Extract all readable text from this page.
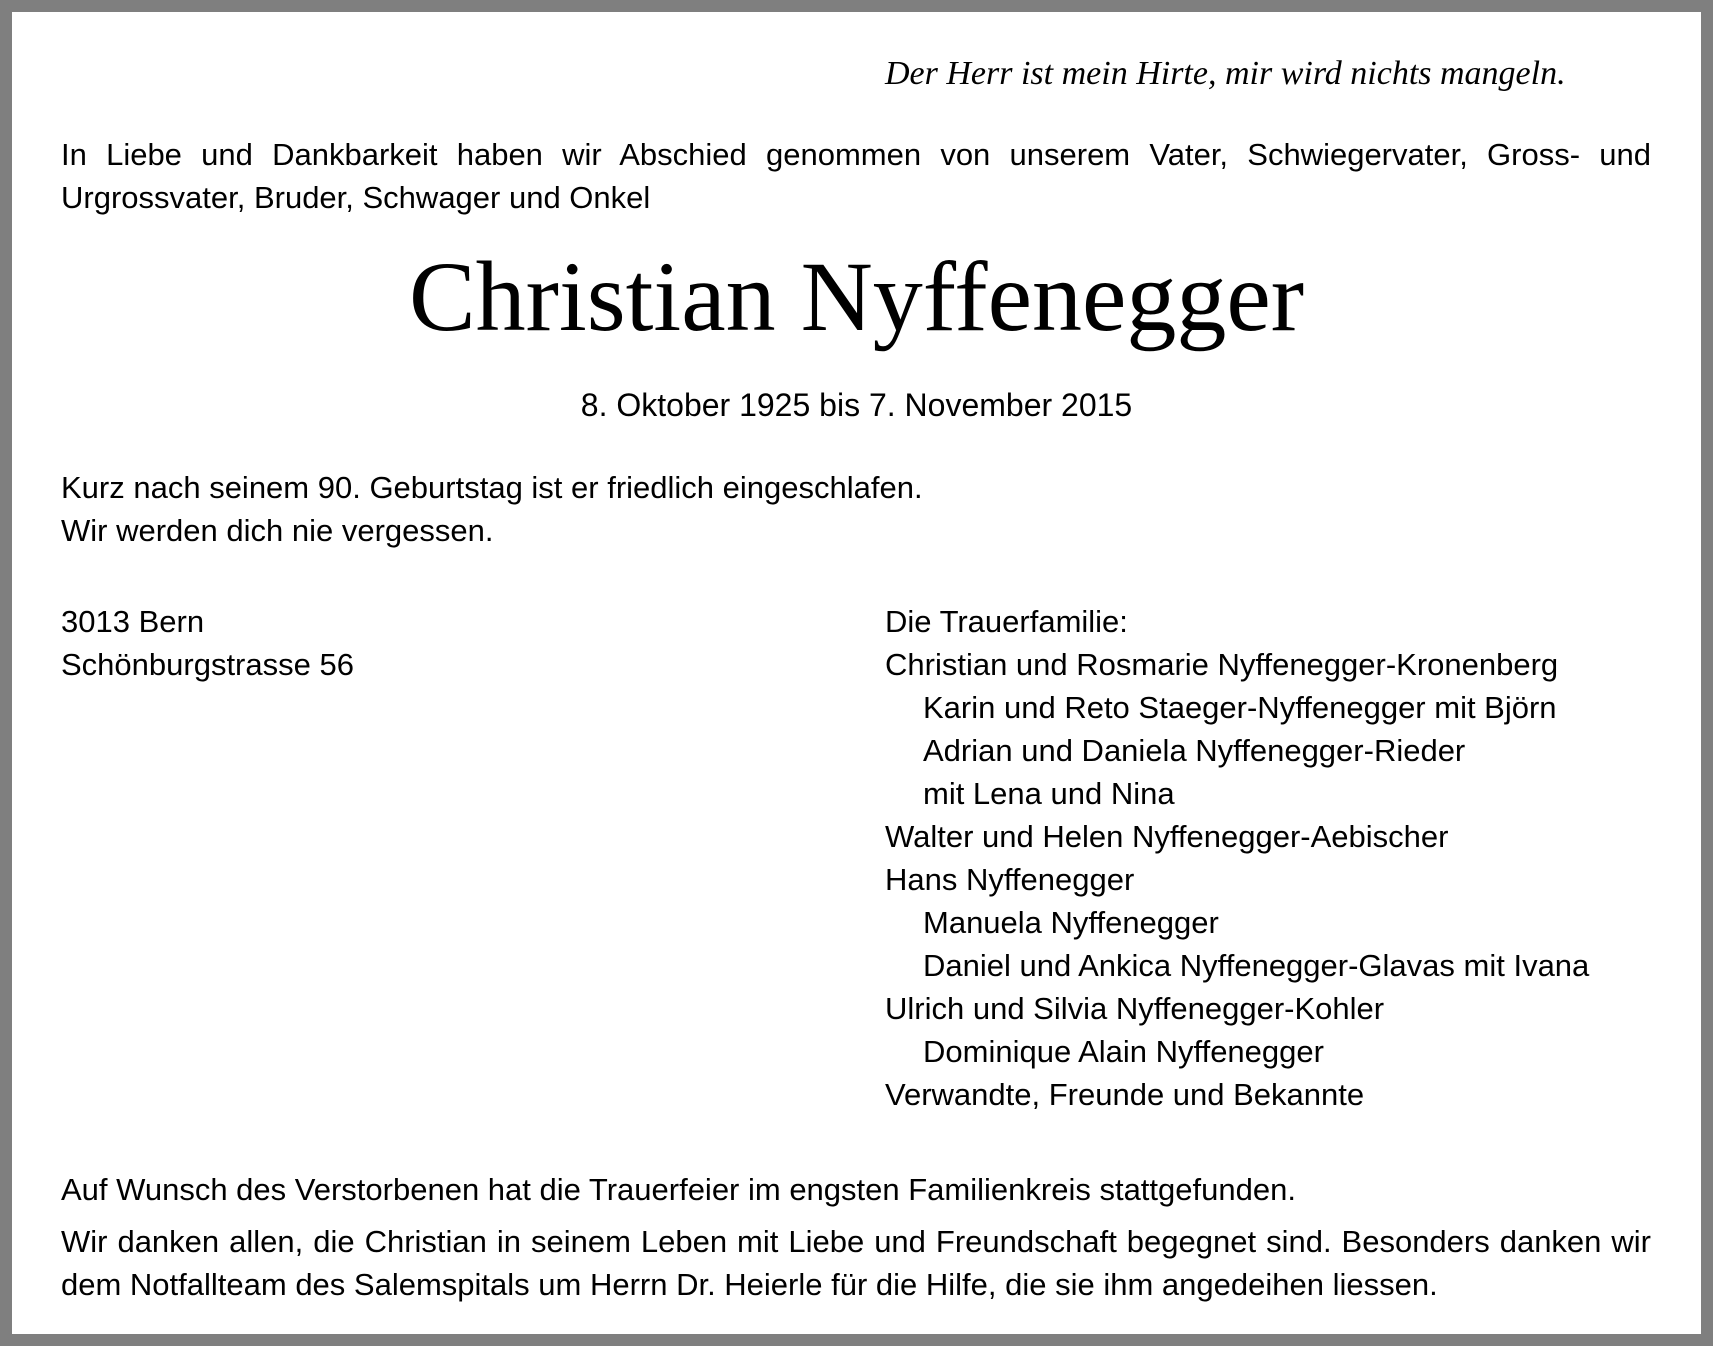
Der Herr ist mein Hirte, mir wird nichts mangeln.
In Liebe und Dankbarkeit haben wir Abschied genommen von unserem Vater, Schwiegervater, Gross- und Urgrossvater, Bruder, Schwager und Onkel
Christian Nyffenegger
8. Oktober 1925 bis 7. November 2015
Kurz nach seinem 90. Geburtstag ist er friedlich eingeschlafen.
Wir werden dich nie vergessen.
3013 Bern
Schönburgstrasse 56
Die Trauerfamilie:
Christian und Rosmarie Nyffenegger-Kronenberg
Karin und Reto Staeger-Nyffenegger mit Björn
Adrian und Daniela Nyffenegger-Rieder
mit Lena und Nina
Walter und Helen Nyffenegger-Aebischer
Hans Nyffenegger
Manuela Nyffenegger
Daniel und Ankica Nyffenegger-Glavas mit Ivana
Ulrich und Silvia Nyffenegger-Kohler
Dominique Alain Nyffenegger
Verwandte, Freunde und Bekannte
Auf Wunsch des Verstorbenen hat die Trauerfeier im engsten Familienkreis stattgefunden.
Wir danken allen, die Christian in seinem Leben mit Liebe und Freundschaft begegnet sind. Besonders danken wir dem Notfallteam des Salemspitals um Herrn Dr. Heierle für die Hilfe, die sie ihm angedeihen liessen.
